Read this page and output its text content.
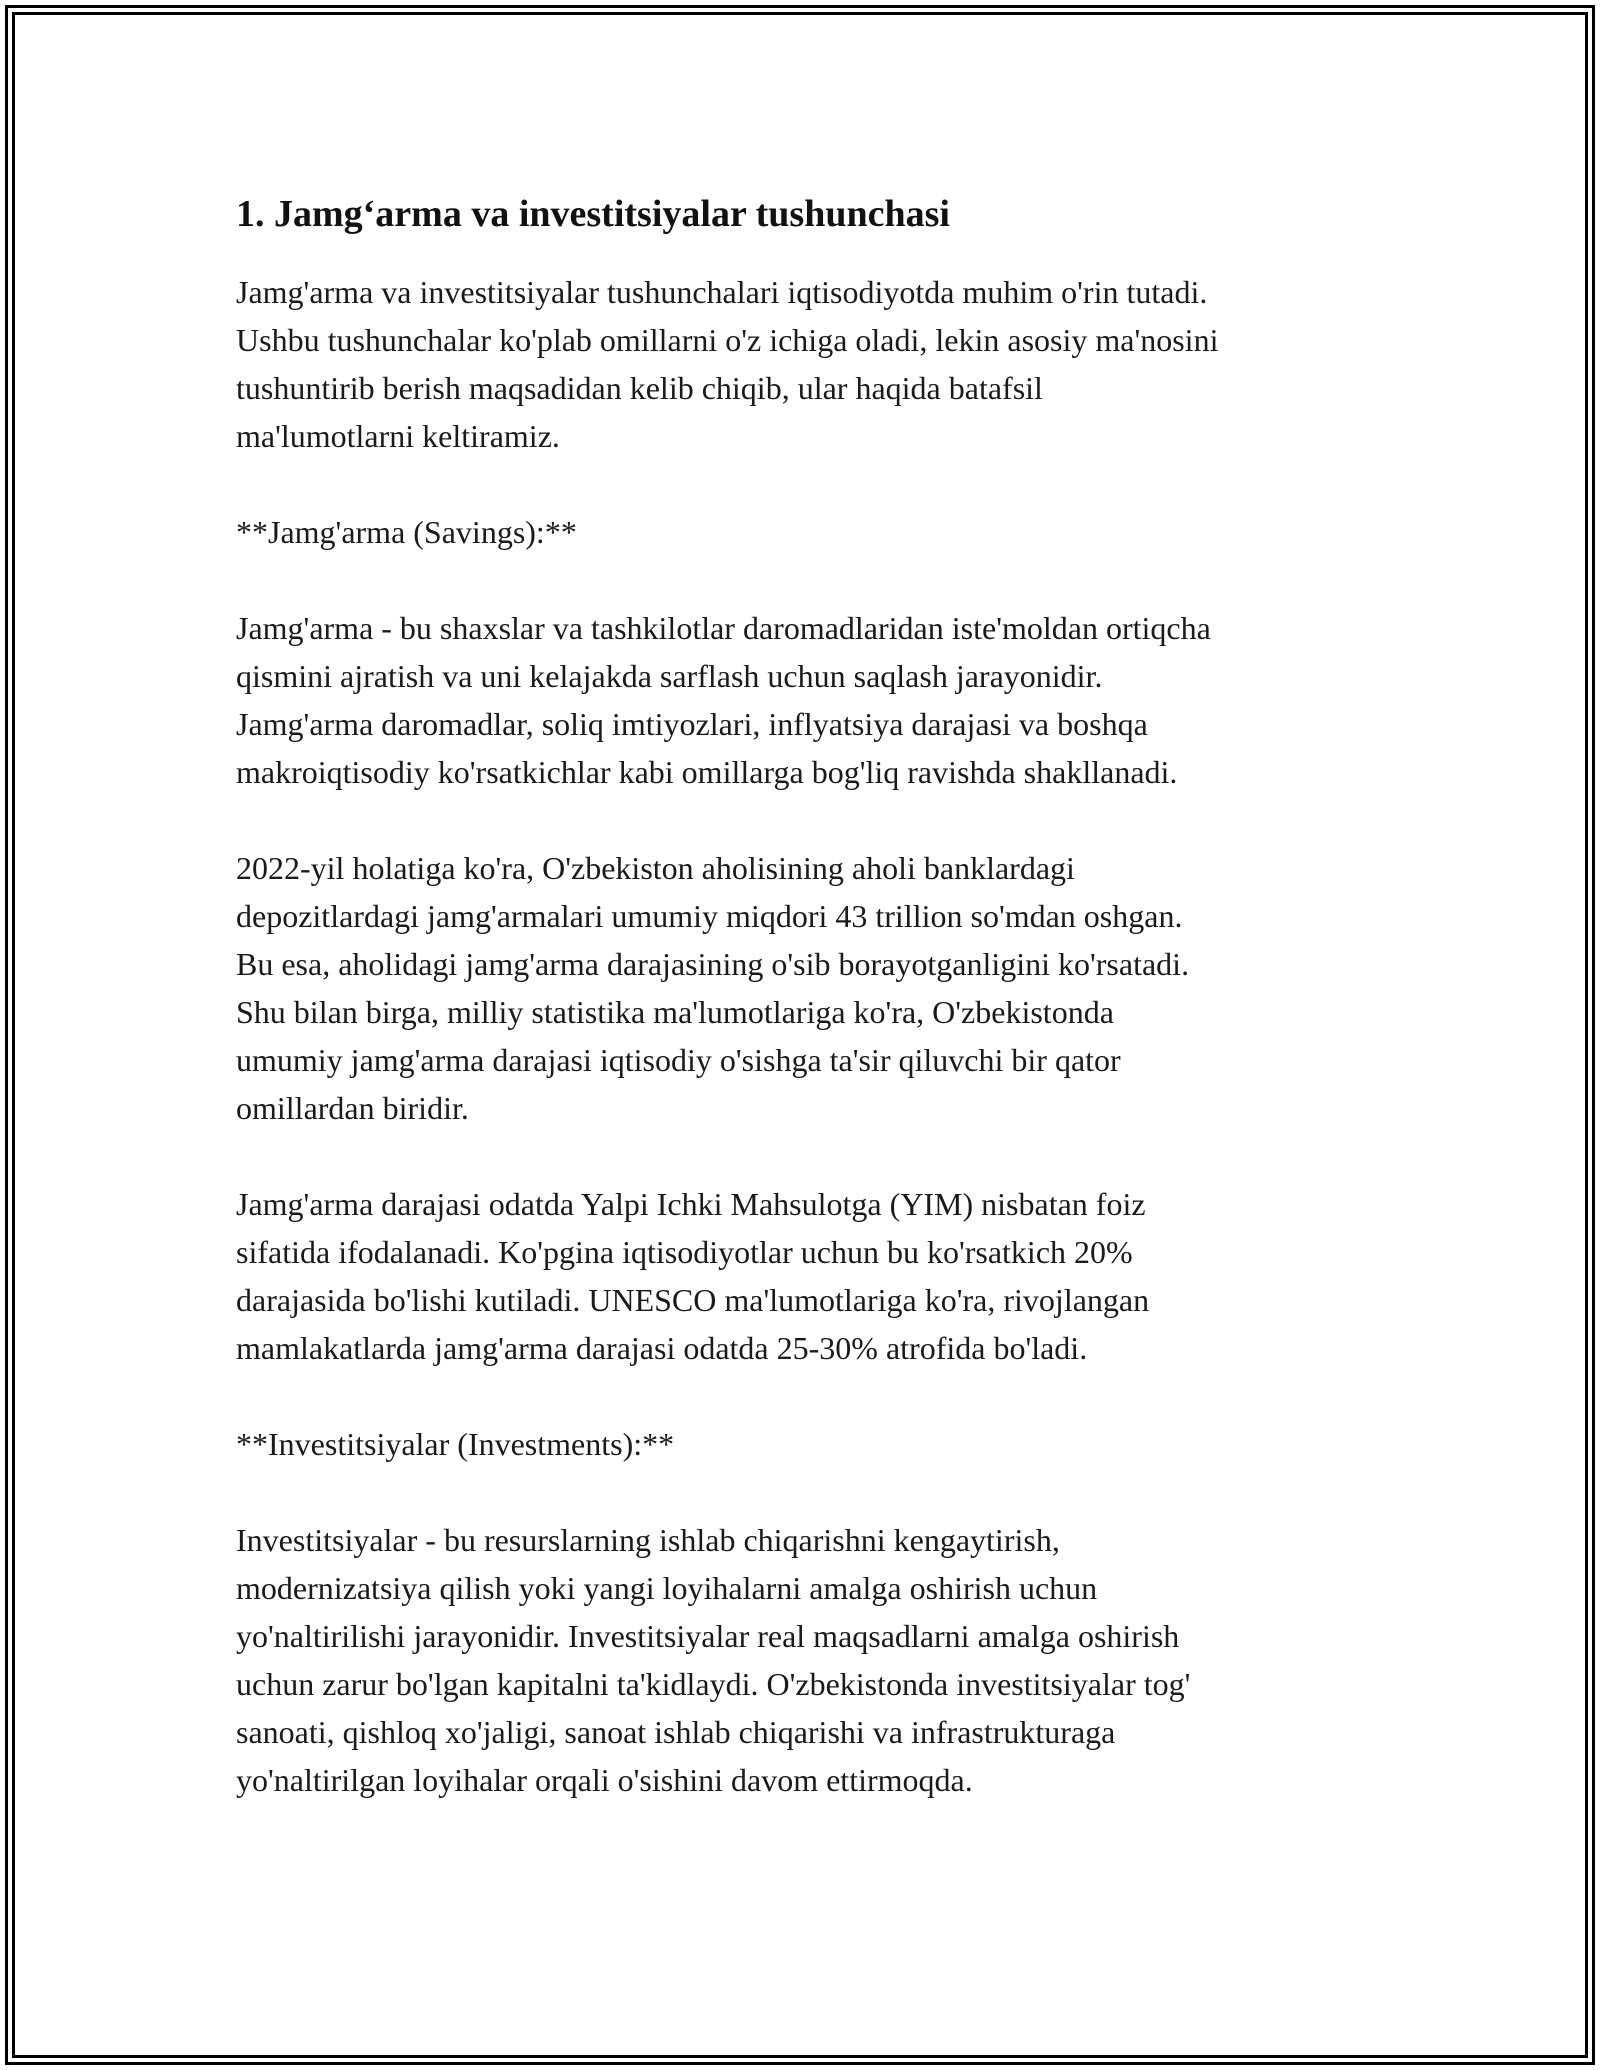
1. Jamgʻarma va investitsiyalar tushunchasi

Jamg'arma va investitsiyalar tushunchalari iqtisodiyotda muhim o'rin tutadi.
Ushbu tushunchalar ko'plab omillarni o'z ichiga oladi, lekin asosiy ma'nosini
tushuntirib berish maqsadidan kelib chiqib, ular haqida batafsil
ma'lumotlarni keltiramiz.

**Jamg'arma (Savings):**

Jamg'arma - bu shaxslar va tashkilotlar daromadlaridan iste'moldan ortiqcha
qismini ajratish va uni kelajakda sarflash uchun saqlash jarayonidir.
Jamg'arma daromadlar, soliq imtiyozlari, inflyatsiya darajasi va boshqa
makroiqtisodiy ko'rsatkichlar kabi omillarga bog'liq ravishda shakllanadi.

2022-yil holatiga ko'ra, O'zbekiston aholisining aholi banklardagi
depozitlardagi jamg'armalari umumiy miqdori 43 trillion so'mdan oshgan.
Bu esa, aholidagi jamg'arma darajasining o'sib borayotganligini ko'rsatadi.
Shu bilan birga, milliy statistika ma'lumotlariga ko'ra, O'zbekistonda
umumiy jamg'arma darajasi iqtisodiy o'sishga ta'sir qiluvchi bir qator
omillardan biridir.

Jamg'arma darajasi odatda Yalpi Ichki Mahsulotga (YIM) nisbatan foiz
sifatida ifodalanadi. Ko'pgina iqtisodiyotlar uchun bu ko'rsatkich 20%
darajasida bo'lishi kutiladi. UNESCO ma'lumotlariga ko'ra, rivojlangan
mamlakatlarda jamg'arma darajasi odatda 25-30% atrofida bo'ladi.

**Investitsiyalar (Investments):**

Investitsiyalar - bu resurslarning ishlab chiqarishni kengaytirish,
modernizatsiya qilish yoki yangi loyihalarni amalga oshirish uchun
yo'naltirilishi jarayonidir. Investitsiyalar real maqsadlarni amalga oshirish
uchun zarur bo'lgan kapitalni ta'kidlaydi. O'zbekistonda investitsiyalar tog'
sanoati, qishloq xo'jaligi, sanoat ishlab chiqarishi va infrastrukturaga
yo'naltirilgan loyihalar orqali o'sishini davom ettirmoqda.
